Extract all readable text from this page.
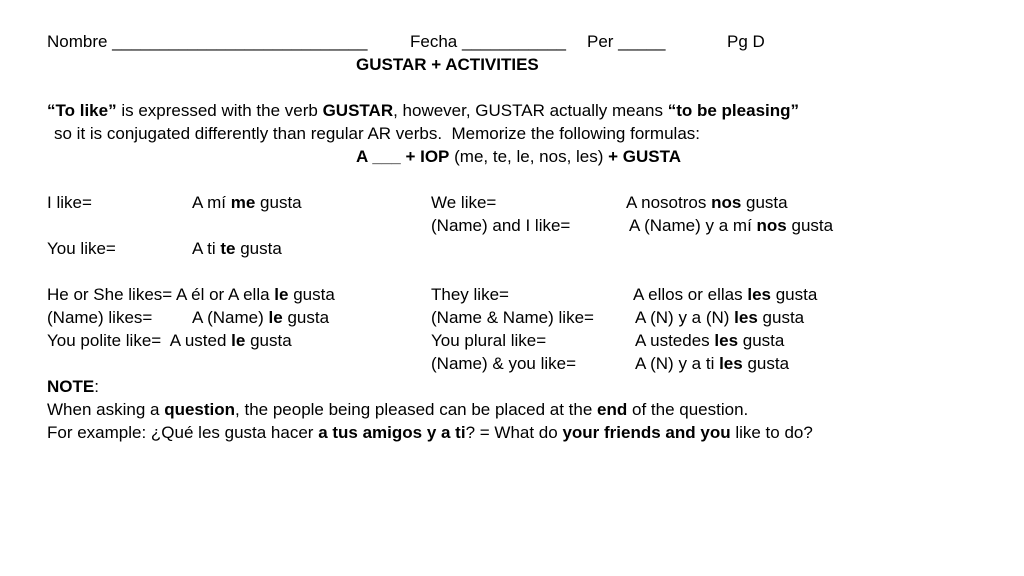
Nombre ___________________________	Fecha ___________ Per _____	Pg D
GUSTAR + ACTIVITIES
“To like” is expressed with the verb GUSTAR, however, GUSTAR actually means “to be pleasing”
so it is conjugated differently than regular AR verbs.  Memorize the following formulas:
A ___ + IOP (me, te, le, nos, les) + GUSTA
I like=	A mí me gusta	We like=	A nosotros nos gusta
(Name) and I like=	A (Name) y a mí nos gusta
You like=	A ti te gusta
He or She likes= A él or A ella le gusta	They like=	A ellos or ellas les gusta
(Name) likes= A (Name) le gusta	(Name & Name) like= A (N) y a (N) les gusta
You polite like=  A usted le gusta	You plural like=	A ustedes les gusta
(Name) & you like=	A (N) y a ti les gusta
NOTE:
When asking a question, the people being pleased can be placed at the end of the question.
For example: ¿Qué les gusta hacer a tus amigos y a ti? = What do your friends and you like to do?
